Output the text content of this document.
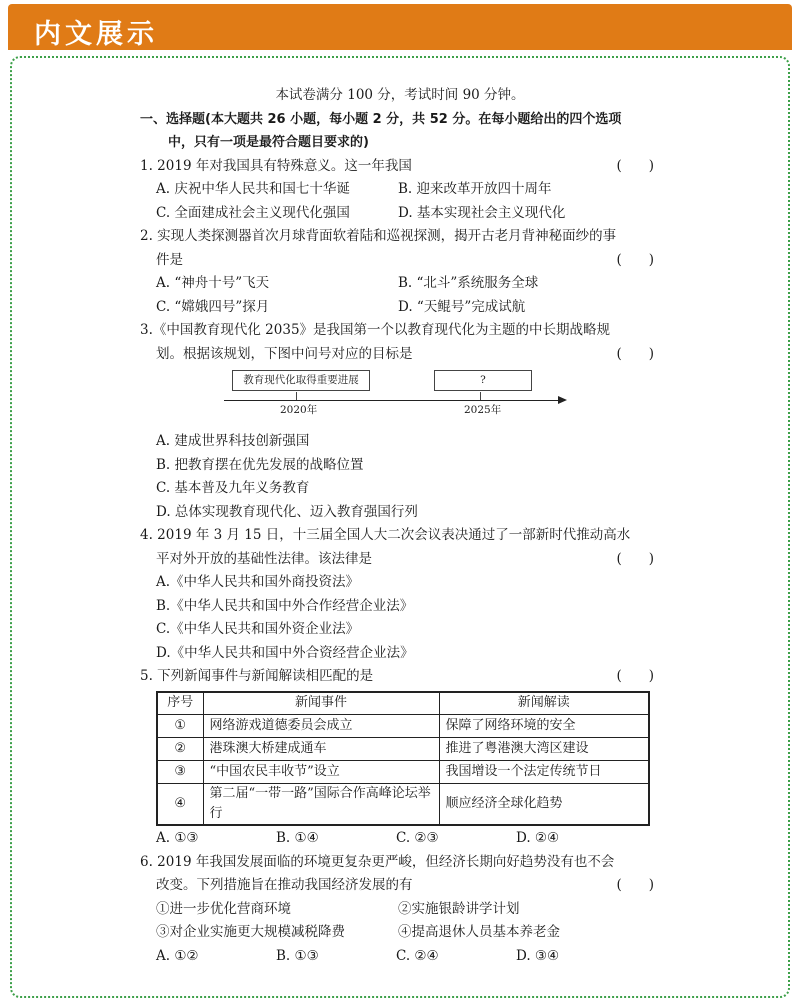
内文展示
本试卷满分 100 分，考试时间 90 分钟。
一、选择题(本大题共 26 小题，每小题 2 分，共 52 分。在每小题给出的四个选项
中，只有一项是最符合题目要求的)
1. 2019 年对我国具有特殊意义。这一年我国	(　　)
A. 庆祝中华人民共和国七十华诞	B. 迎来改革开放四十周年
C. 全面建成社会主义现代化强国	D. 基本实现社会主义现代化
2. 实现人类探测器首次月球背面软着陆和巡视探测，揭开古老月背神秘面纱的事
件是	(　　)
A. “神舟十号”飞天	B. “北斗”系统服务全球
C. “嫦娥四号”探月	D. “天鲲号”完成试航
3.《中国教育现代化 2035》是我国第一个以教育现代化为主题的中长期战略规
划。根据该规划，下图中问号对应的目标是	(　　)
教育现代化取得重要进展	?
2020年	2025年
A. 建成世界科技创新强国
B. 把教育摆在优先发展的战略位置
C. 基本普及九年义务教育
D. 总体实现教育现代化、迈入教育强国行列
4. 2019 年 3 月 15 日，十三届全国人大二次会议表决通过了一部新时代推动高水
平对外开放的基础性法律。该法律是	(　　)
A.《中华人民共和国外商投资法》
B.《中华人民共和国中外合作经营企业法》
C.《中华人民共和国外资企业法》
D.《中华人民共和国中外合资经营企业法》
5. 下列新闻事件与新闻解读相匹配的是	(　　)
序号	新闻事件	新闻解读
①	网络游戏道德委员会成立	保障了网络环境的安全
②	港珠澳大桥建成通车	推进了粤港澳大湾区建设
③	“中国农民丰收节”设立	我国增设一个法定传统节日
④	第二届“一带一路”国际合作高峰论坛举行	顺应经济全球化趋势
A. ①③	B. ①④	C. ②③	D. ②④
6. 2019 年我国发展面临的环境更复杂更严峻，但经济长期向好趋势没有也不会
改变。下列措施旨在推动我国经济发展的有	(　　)
①进一步优化营商环境	②实施银龄讲学计划
③对企业实施更大规模减税降费	④提高退休人员基本养老金
A. ①②	B. ①③	C. ②④	D. ③④
